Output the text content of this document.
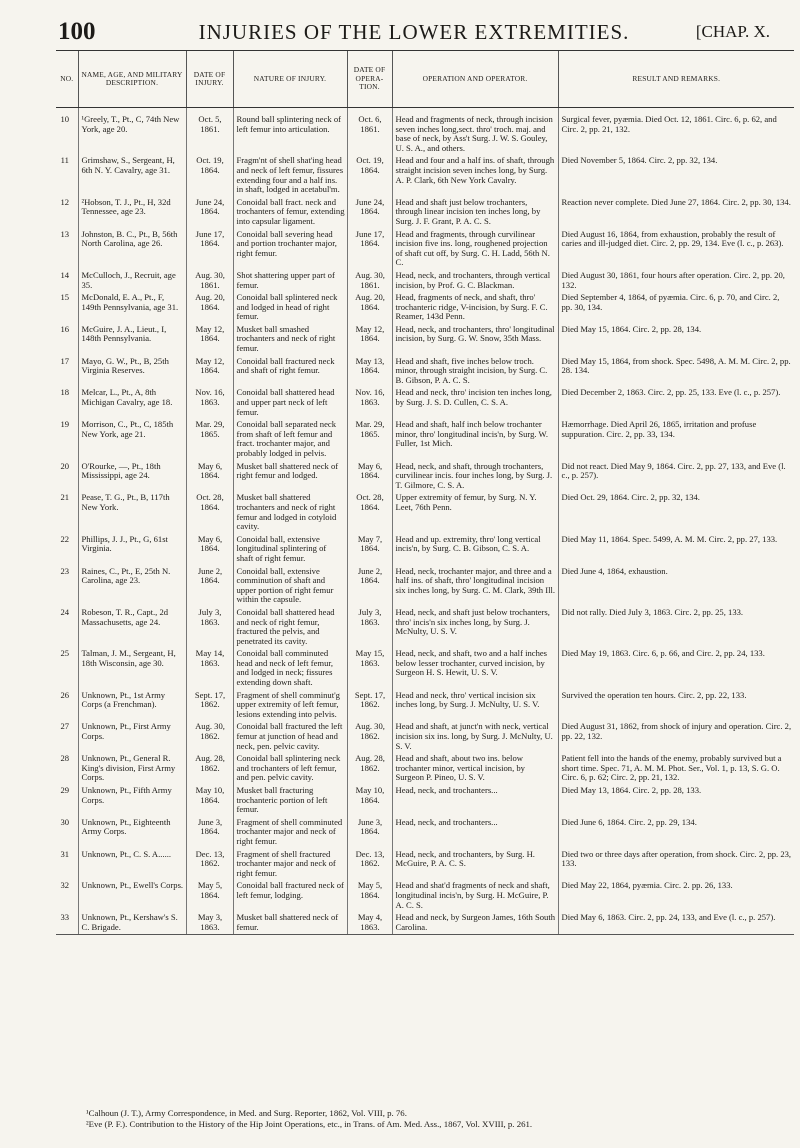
100	INJURIES OF THE LOWER EXTREMITIES.	[CHAP. X.
NO.	NAME, AGE, AND MILITARY DESCRIPTION.	DATE OF INJURY.	NATURE OF INJURY.	DATE OF OPERA-TION.	OPERATION AND OPERATOR.	RESULT AND REMARKS.
10	¹Greely, T., Pt., C, 74th New York, age 20.	Oct. 5, 1861.	Round ball splintering neck of left femur into articulation.	Oct. 6, 1861.	Head and fragments of neck, through incision seven inches long,sect. thro' troch. maj. and base of neck, by Ass't Surg. J. W. S. Gouley, U. S. A., and others.	Surgical fever, pyæmia. Died Oct. 12, 1861. Circ. 6, p. 62, and Circ. 2, pp. 21, 132.
11	Grimshaw, S., Sergeant, H, 6th N. Y. Cavalry, age 31.	Oct. 19, 1864.	Fragm'nt of shell shat'ing head and neck of left femur, fissures extending four and a half ins. in shaft, lodged in acetabul'm.	Oct. 19, 1864.	Head and four and a half ins. of shaft, through straight incision seven inches long, by Surg. A. P. Clark, 6th New York Cavalry.	Died November 5, 1864. Circ. 2, pp. 32, 134.
12	²Hobson, T. J., Pt., H, 32d Tennessee, age 23.	June 24, 1864.	Conoidal ball fract. neck and trochanters of femur, extending into capsular ligament.	June 24, 1864.	Head and shaft just below trochanters, through linear incision ten inches long, by Surg. J. F. Grant, P. A. C. S.	Reaction never complete. Died June 27, 1864. Circ. 2, pp. 30, 134.
13	Johnston, B. C., Pt., B, 56th North Carolina, age 26.	June 17, 1864.	Conoidal ball severing head and portion trochanter major, right femur.	June 17, 1864.	Head and fragments, through curvilinear incision five ins. long, roughened projection of shaft cut off, by Surg. C. H. Ladd, 56th N. C.	Died August 16, 1864, from exhaustion, probably the result of caries and ill-judged diet. Circ. 2, pp. 29, 134. Eve (l. c., p. 263).
14	McCulloch, J., Recruit, age 35.	Aug. 30, 1861.	Shot shattering upper part of femur.	Aug. 30, 1861.	Head, neck, and trochanters, through vertical incision, by Prof. G. C. Blackman.	Died August 30, 1861, four hours after operation. Circ. 2, pp. 20, 132.
15	McDonald, E. A., Pt., F, 149th Pennsylvania, age 31.	Aug. 20, 1864.	Conoidal ball splintered neck and lodged in head of right femur.	Aug. 20, 1864.	Head, fragments of neck, and shaft, thro' trochanteric ridge, V-incision, by Surg. F. C. Reamer, 143d Penn.	Died September 4, 1864, of pyæmia. Circ. 6, p. 70, and Circ. 2, pp. 30, 134.
16	McGuire, J. A., Lieut., I, 148th Pennsylvania.	May 12, 1864.	Musket ball smashed trochanters and neck of right femur.	May 12, 1864.	Head, neck, and trochanters, thro' longitudinal incision, by Surg. G. W. Snow, 35th Mass.	Died May 15, 1864. Circ. 2, pp. 28, 134.
17	Mayo, G. W., Pt., B, 25th Virginia Reserves.	May 12, 1864.	Conoidal ball fractured neck and shaft of right femur.	May 13, 1864.	Head and shaft, five inches below troch. minor, through straight incision, by Surg. C. B. Gibson, P. A. C. S.	Died May 15, 1864, from shock. Spec. 5498, A. M. M. Circ. 2, pp. 28. 134.
18	Melcar, L., Pt., A, 8th Michigan Cavalry, age 18.	Nov. 16, 1863.	Conoidal ball shattered head and upper part neck of left femur.	Nov. 16, 1863.	Head and neck, thro' incision ten inches long, by Surg. J. S. D. Cullen, C. S. A.	Died December 2, 1863. Circ. 2, pp. 25, 133. Eve (l. c., p. 257).
19	Morrison, C., Pt., C, 185th New York, age 21.	Mar. 29, 1865.	Conoidal ball separated neck from shaft of left femur and fract. trochanter major, and probably lodged in pelvis.	Mar. 29, 1865.	Head and shaft, half inch below trochanter minor, thro' longitudinal incis'n, by Surg. W. Fuller, 1st Mich.	Hæmorrhage. Died April 26, 1865, irritation and profuse suppuration. Circ. 2, pp. 33, 134.
20	O'Rourke, —, Pt., 18th Mississippi, age 24.	May 6, 1864.	Musket ball shattered neck of right femur and lodged.	May 6, 1864.	Head, neck, and shaft, through trochanters, curvilinear incis. four inches long, by Surg. J. T. Gilmore, C. S. A.	Did not react. Died May 9, 1864. Circ. 2, pp. 27, 133, and Eve (l. c., p. 257).
21	Pease, T. G., Pt., B, 117th New York.	Oct. 28, 1864.	Musket ball shattered trochanters and neck of right femur and lodged in cotyloid cavity.	Oct. 28, 1864.	Upper extremity of femur, by Surg. N. Y. Leet, 76th Penn.	Died Oct. 29, 1864. Circ. 2, pp. 32, 134.
22	Phillips, J. J., Pt., G, 61st Virginia.	May 6, 1864.	Conoidal ball, extensive longitudinal splintering of shaft of right femur.	May 7, 1864.	Head and up. extremity, thro' long vertical incis'n, by Surg. C. B. Gibson, C. S. A.	Died May 11, 1864. Spec. 5499, A. M. M. Circ. 2, pp. 27, 133.
23	Raines, C., Pt., E, 25th N. Carolina, age 23.	June 2, 1864.	Conoidal ball, extensive comminution of shaft and upper portion of right femur within the capsule.	June 2, 1864.	Head, neck, trochanter major, and three and a half ins. of shaft, thro' longitudinal incision six inches long, by Surg. C. M. Clark, 39th Ill.	Died June 4, 1864, exhaustion.
24	Robeson, T. R., Capt., 2d Massachusetts, age 24.	July 3, 1863.	Conoidal ball shattered head and neck of right femur, fractured the pelvis, and penetrated its cavity.	July 3, 1863.	Head, neck, and shaft just below trochanters, thro' incis'n six inches long, by Surg. J. McNulty, U. S. V.	Did not rally. Died July 3, 1863. Circ. 2, pp. 25, 133.
25	Talman, J. M., Sergeant, H, 18th Wisconsin, age 30.	May 14, 1863.	Conoidal ball comminuted head and neck of left femur, and lodged in neck; fissures extending down shaft.	May 15, 1863.	Head, neck, and shaft, two and a half inches below lesser trochanter, curved incision, by Surgeon H. S. Hewit, U. S. V.	Died May 19, 1863. Circ. 6, p. 66, and Circ. 2, pp. 24, 133.
26	Unknown, Pt., 1st Army Corps (a Frenchman).	Sept. 17, 1862.	Fragment of shell comminut'g upper extremity of left femur, lesions extending into pelvis.	Sept. 17, 1862.	Head and neck, thro' vertical incision six inches long, by Surg. J. McNulty, U. S. V.	Survived the operation ten hours. Circ. 2, pp. 22, 133.
27	Unknown, Pt., First Army Corps.	Aug. 30, 1862.	Conoidal ball fractured the left femur at junction of head and neck, pen. pelvic cavity.	Aug. 30, 1862.	Head and shaft, at junct'n with neck, vertical incision six ins. long, by Surg. J. McNulty, U. S. V.	Died August 31, 1862, from shock of injury and operation. Circ. 2, pp. 22, 132.
28	Unknown, Pt., General R. King's division, First Army Corps.	Aug. 28, 1862.	Conoidal ball splintering neck and trochanters of left femur, and pen. pelvic cavity.	Aug. 28, 1862.	Head and shaft, about two ins. below trochanter minor, vertical incision, by Surgeon P. Pineo, U. S. V.	Patient fell into the hands of the enemy, probably survived but a short time. Spec. 71, A. M. M. Phot. Ser., Vol. 1, p. 13, S. G. O. Circ. 6, p. 62; Circ. 2, pp. 21, 132.
29	Unknown, Pt., Fifth Army Corps.	May 10, 1864.	Musket ball fracturing trochanteric portion of left femur.	May 10, 1864.	Head, neck, and trochanters...	Died May 13, 1864. Circ. 2, pp. 28, 133.
30	Unknown, Pt., Eighteenth Army Corps.	June 3, 1864.	Fragment of shell comminuted trochanter major and neck of right femur.	June 3, 1864.	Head, neck, and trochanters...	Died June 6, 1864. Circ. 2, pp. 29, 134.
31	Unknown, Pt., C. S. A......	Dec. 13, 1862.	Fragment of shell fractured trochanter major and neck of right femur.	Dec. 13, 1862.	Head, neck, and trochanters, by Surg. H. McGuire, P. A. C. S.	Died two or three days after operation, from shock. Circ. 2, pp. 23, 133.
32	Unknown, Pt., Ewell's Corps.	May 5, 1864.	Conoidal ball fractured neck of left femur, lodging.	May 5, 1864.	Head and shat'd fragments of neck and shaft, longitudinal incis'n, by Surg. H. McGuire, P. A. C. S.	Died May 22, 1864, pyæmia. Circ. 2. pp. 26, 133.
33	Unknown, Pt., Kershaw's S. C. Brigade.	May 3, 1863.	Musket ball shattered neck of femur.	May 4, 1863.	Head and neck, by Surgeon James, 16th South Carolina.	Died May 6, 1863. Circ. 2, pp. 24, 133, and Eve (l. c., p. 257).
¹Calhoun (J. T.), Army Correspondence, in Med. and Surg. Reporter, 1862, Vol. VIII, p. 76.
²Eve (P. F.). Contribution to the History of the Hip Joint Operations, etc., in Trans. of Am. Med. Ass., 1867, Vol. XVIII, p. 261.
